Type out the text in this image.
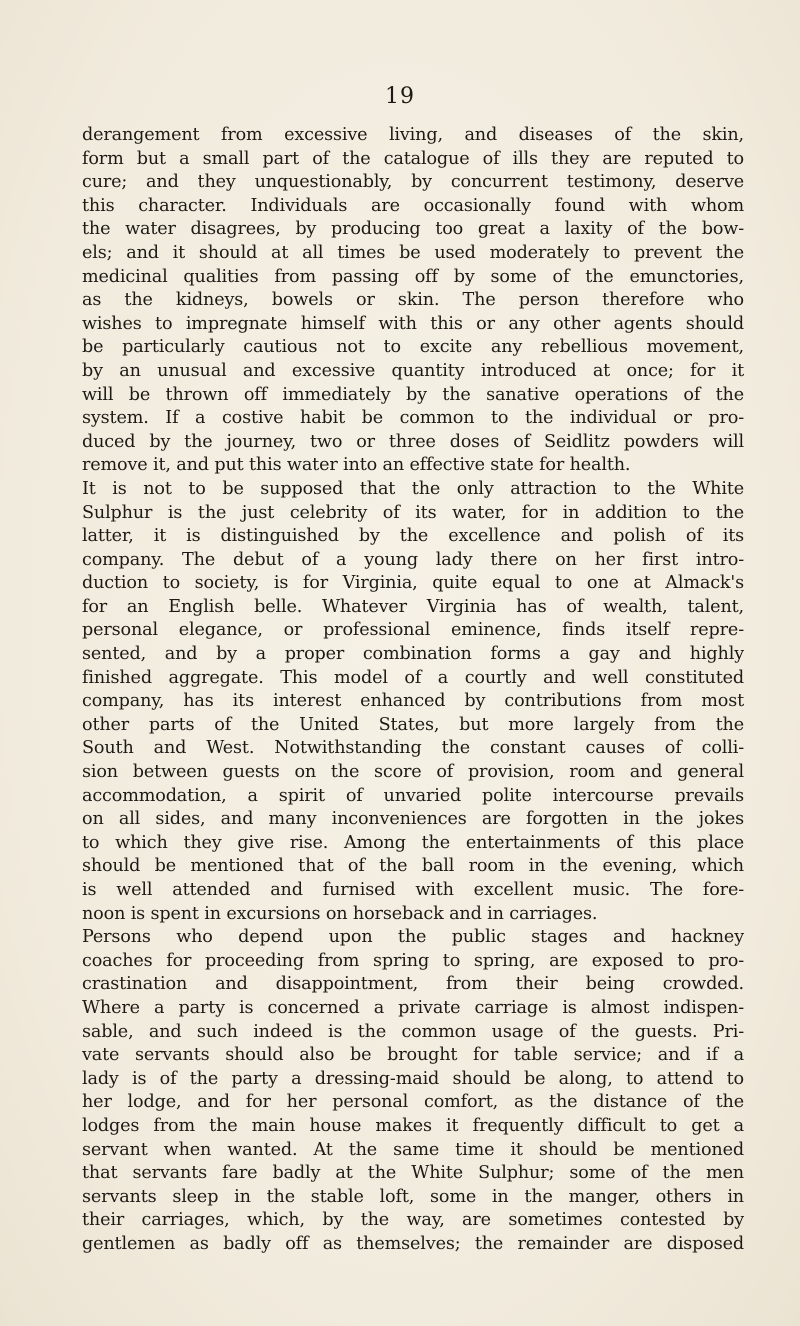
19
derangement from excessive living, and diseases of the skin,
form but a small part of the catalogue of ills they are reputed to
cure; and they unquestionably, by concurrent testimony, deserve
this character. Individuals are occasionally found with whom
the water disagrees, by producing too great a laxity of the bow-
els; and it should at all times be used moderately to prevent the
medicinal qualities from passing off by some of the emunctories,
as the kidneys, bowels or skin. The person therefore who
wishes to impregnate himself with this or any other agents should
be particularly cautious not to excite any rebellious movement,
by an unusual and excessive quantity introduced at once; for it
will be thrown off immediately by the sanative operations of the
system. If a costive habit be common to the individual or pro-
duced by the journey, two or three doses of Seidlitz powders will
remove it, and put this water into an effective state for health.
It is not to be supposed that the only attraction to the White
Sulphur is the just celebrity of its water, for in addition to the
latter, it is distinguished by the excellence and polish of its
company. The debut of a young lady there on her first intro-
duction to society, is for Virginia, quite equal to one at Almack's
for an English belle. Whatever Virginia has of wealth, talent,
personal elegance, or professional eminence, finds itself repre-
sented, and by a proper combination forms a gay and highly
finished aggregate. This model of a courtly and well constituted
company, has its interest enhanced by contributions from most
other parts of the United States, but more largely from the
South and West. Notwithstanding the constant causes of colli-
sion between guests on the score of provision, room and general
accommodation, a spirit of unvaried polite intercourse prevails
on all sides, and many inconveniences are forgotten in the jokes
to which they give rise. Among the entertainments of this place
should be mentioned that of the ball room in the evening, which
is well attended and furnised with excellent music. The fore-
noon is spent in excursions on horseback and in carriages.
Persons who depend upon the public stages and hackney
coaches for proceeding from spring to spring, are exposed to pro-
crastination and disappointment, from their being crowded.
Where a party is concerned a private carriage is almost indispen-
sable, and such indeed is the common usage of the guests. Pri-
vate servants should also be brought for table service; and if a
lady is of the party a dressing-maid should be along, to attend to
her lodge, and for her personal comfort, as the distance of the
lodges from the main house makes it frequently difficult to get a
servant when wanted. At the same time it should be mentioned
that servants fare badly at the White Sulphur; some of the men
servants sleep in the stable loft, some in the manger, others in
their carriages, which, by the way, are sometimes contested by
gentlemen as badly off as themselves; the remainder are disposed
